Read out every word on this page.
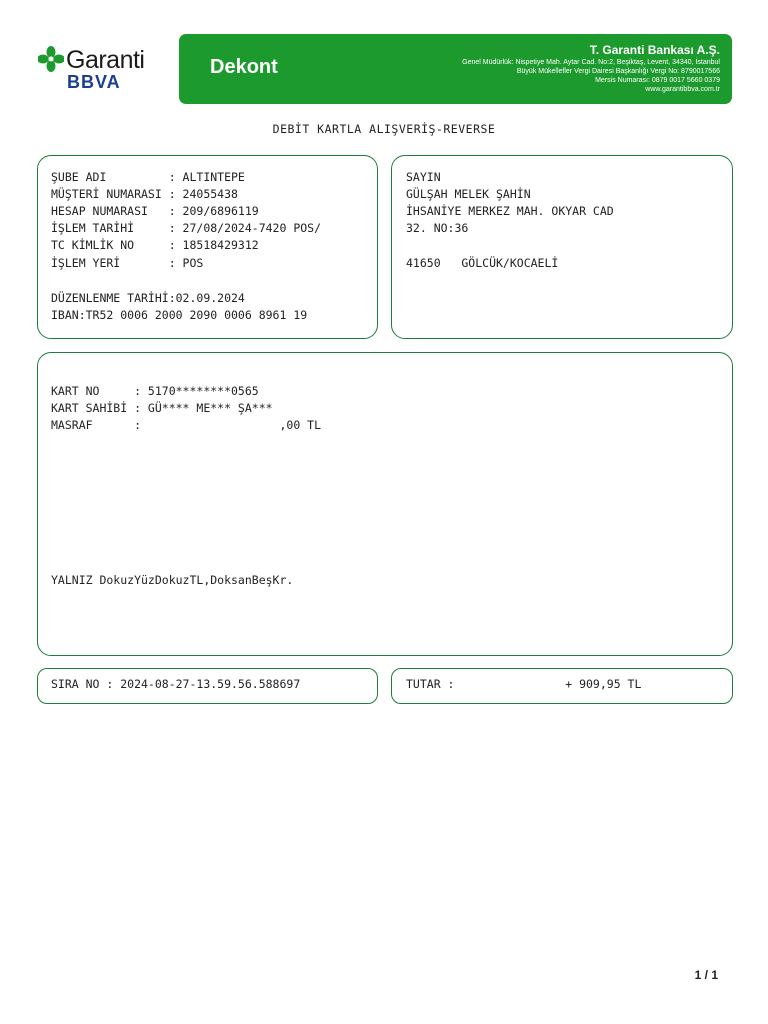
Garanti
BBVA
Dekont
T. Garanti Bankası A.Ş.
Genel Müdürlük: Nispetiye Mah. Aytar Cad. No:2, Beşiktaş, Levent, 34340, İstanbul
Büyük Mükellefler Vergi Dairesi Başkanlığı Vergi No: 8790017566
Mersis Numarası: 0879 0017 5660 0379
www.garantibbva.com.tr
DEBİT KARTLA ALIŞVERİŞ-REVERSE
ŞUBE ADI         : ALTINTEPE
MÜŞTERİ NUMARASI : 24055438
HESAP NUMARASI   : 209/6896119
İŞLEM TARİHİ     : 27/08/2024-7420 POS/
TC KİMLİK NO     : 18518429312
İŞLEM YERİ       : POS
DÜZENLENME TARİHİ:02.09.2024
IBAN:TR52 0006 2000 2090 0006 8961 19
SAYIN
GÜLŞAH MELEK ŞAHİN
İHSANİYE MERKEZ MAH. OKYAR CAD
32. NO:36
41650   GÖLCÜK/KOCAELİ
KART NO     : 5170********0565
KART SAHİBİ : GÜ**** ME*** ŞA***
MASRAF      :                    ,00 TL
YALNIZ DokuzYüzDokuzTL,DoksanBeşKr.
SIRA NO : 2024-08-27-13.59.56.588697	TUTAR :                + 909,95 TL
1 / 1
